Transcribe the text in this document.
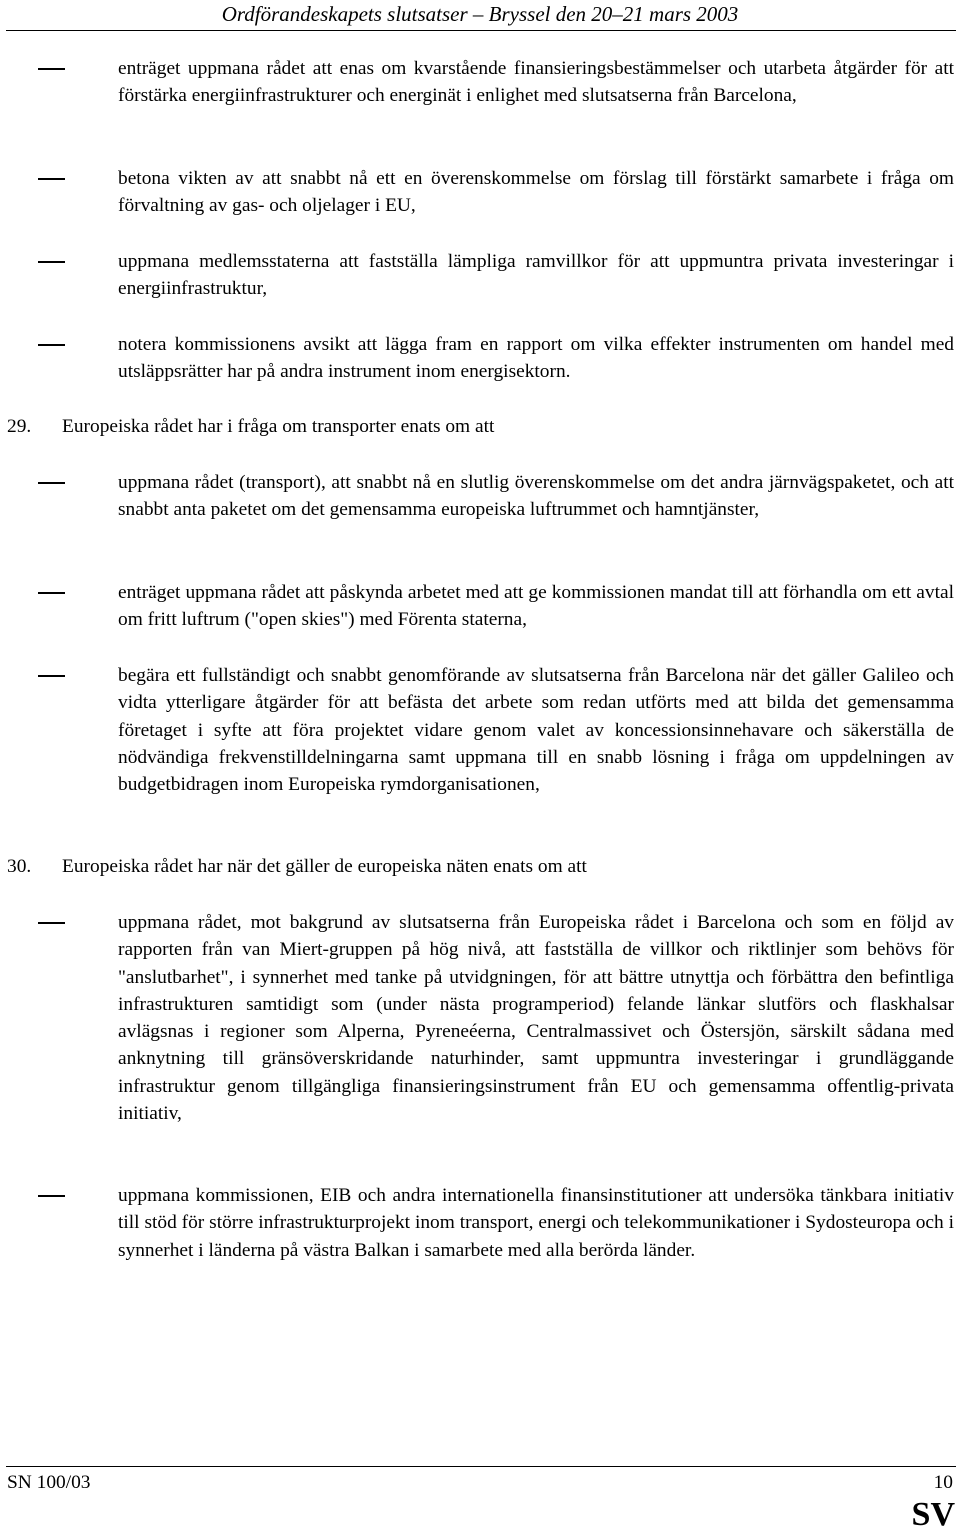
Ordförandeskapets slutsatser – Bryssel den 20–21 mars 2003
enträget uppmana rådet att enas om kvarstående finansieringsbestämmelser och utarbeta åtgärder för att förstärka energiinfrastrukturer och energinät i enlighet med slutsatserna från Barcelona,
betona vikten av att snabbt nå ett en överenskommelse om förslag till förstärkt samarbete i fråga om förvaltning av gas- och oljelager i EU,
uppmana medlemsstaterna att fastställa lämpliga ramvillkor för att uppmuntra privata investeringar i energiinfrastruktur,
notera kommissionens avsikt att lägga fram en rapport om vilka effekter instrumenten om handel med utsläppsrätter har på andra instrument inom energisektorn.
29. Europeiska rådet har i fråga om transporter enats om att
uppmana rådet (transport), att snabbt nå en slutlig överenskommelse om det andra järnvägspaketet, och att snabbt anta paketet om det gemensamma europeiska luftrummet och hamntjänster,
enträget uppmana rådet att påskynda arbetet med att ge kommissionen mandat till att förhandla om ett avtal om fritt luftrum ("open skies") med Förenta staterna,
begära ett fullständigt och snabbt genomförande av slutsatserna från Barcelona när det gäller Galileo och vidta ytterligare åtgärder för att befästa det arbete som redan utförts med att bilda det gemensamma företaget i syfte att föra projektet vidare genom valet av koncessionsinnehavare och säkerställa de nödvändiga frekvenstilldelningarna samt uppmana till en snabb lösning i fråga om uppdelningen av budgetbidragen inom Europeiska rymdorganisationen,
30. Europeiska rådet har när det gäller de europeiska näten enats om att
uppmana rådet, mot bakgrund av slutsatserna från Europeiska rådet i Barcelona och som en följd av rapporten från van Miert-gruppen på hög nivå, att fastställa de villkor och riktlinjer som behövs för "anslutbarhet", i synnerhet med tanke på utvidgningen, för att bättre utnyttja och förbättra den befintliga infrastrukturen samtidigt som (under nästa programperiod) felande länkar slutförs och flaskhalsar avlägsnas i regioner som Alperna, Pyreneéerna, Centralmassivet och Östersjön, särskilt sådana med anknytning till gränsöverskridande naturhinder, samt uppmuntra investeringar i grundläggande infrastruktur genom tillgängliga finansieringsinstrument från EU och gemensamma offentlig-privata initiativ,
uppmana kommissionen, EIB och andra internationella finansinstitutioner att undersöka tänkbara initiativ till stöd för större infrastrukturprojekt inom transport, energi och telekommunikationer i Sydosteuropa och i synnerhet i länderna på västra Balkan i samarbete med alla berörda länder.
SN 100/03	10
SV
